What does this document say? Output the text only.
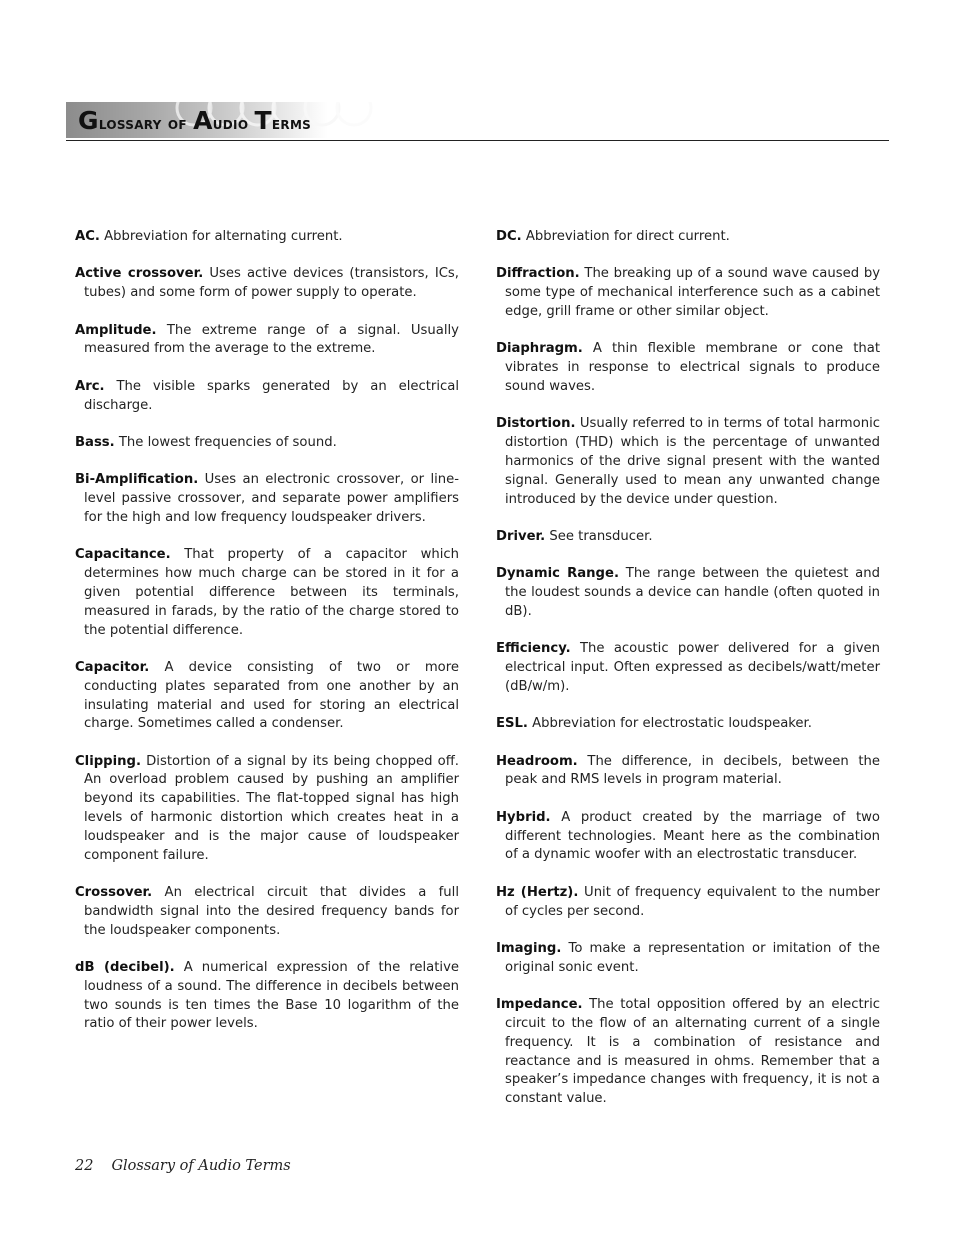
Glossary of Audio Terms

AC. Abbreviation for alternating current.

Active crossover. Uses active devices (transistors, ICs, tubes) and some form of power supply to operate.

Amplitude. The extreme range of a signal. Usually measured from the average to the extreme.

Arc. The visible sparks generated by an electrical discharge.

Bass. The lowest frequencies of sound.

Bi-Amplification. Uses an electronic crossover, or line-level passive crossover, and separate power amplifiers for the high and low frequency loudspeaker drivers.

Capacitance. That property of a capacitor which determines how much charge can be stored in it for a given potential difference between its terminals, measured in farads, by the ratio of the charge stored to the potential difference.

Capacitor. A device consisting of two or more conducting plates separated from one another by an insulating material and used for storing an electrical charge. Sometimes called a condenser.

Clipping. Distortion of a signal by its being chopped off. An overload problem caused by pushing an amplifier beyond its capabilities. The flat-topped signal has high levels of harmonic distortion which creates heat in a loudspeaker and is the major cause of loudspeaker component failure.

Crossover. An electrical circuit that divides a full bandwidth signal into the desired frequency bands for the loudspeaker components.

dB (decibel). A numerical expression of the relative loudness of a sound. The difference in decibels between two sounds is ten times the Base 10 logarithm of the ratio of their power levels.

DC. Abbreviation for direct current.

Diffraction. The breaking up of a sound wave caused by some type of mechanical interference such as a cabinet edge, grill frame or other similar object.

Diaphragm. A thin flexible membrane or cone that vibrates in response to electrical signals to produce sound waves.

Distortion. Usually referred to in terms of total harmonic distortion (THD) which is the percentage of unwanted harmonics of the drive signal present with the wanted signal. Generally used to mean any unwanted change introduced by the device under question.

Driver. See transducer.

Dynamic Range. The range between the quietest and the loudest sounds a device can handle (often quoted in dB).

Efficiency. The acoustic power delivered for a given electrical input. Often expressed as decibels/watt/meter (dB/w/m).

ESL. Abbreviation for electrostatic loudspeaker.

Headroom. The difference, in decibels, between the peak and RMS levels in program material.

Hybrid. A product created by the marriage of two different technologies. Meant here as the combination of a dynamic woofer with an electrostatic transducer.

Hz (Hertz). Unit of frequency equivalent to the number of cycles per second.

Imaging. To make a representation or imitation of the original sonic event.

Impedance. The total opposition offered by an electric circuit to the flow of an alternating current of a single frequency. It is a combination of resistance and reactance and is measured in ohms. Remember that a speaker’s impedance changes with frequency, it is not a constant value.

22 Glossary of Audio Terms
